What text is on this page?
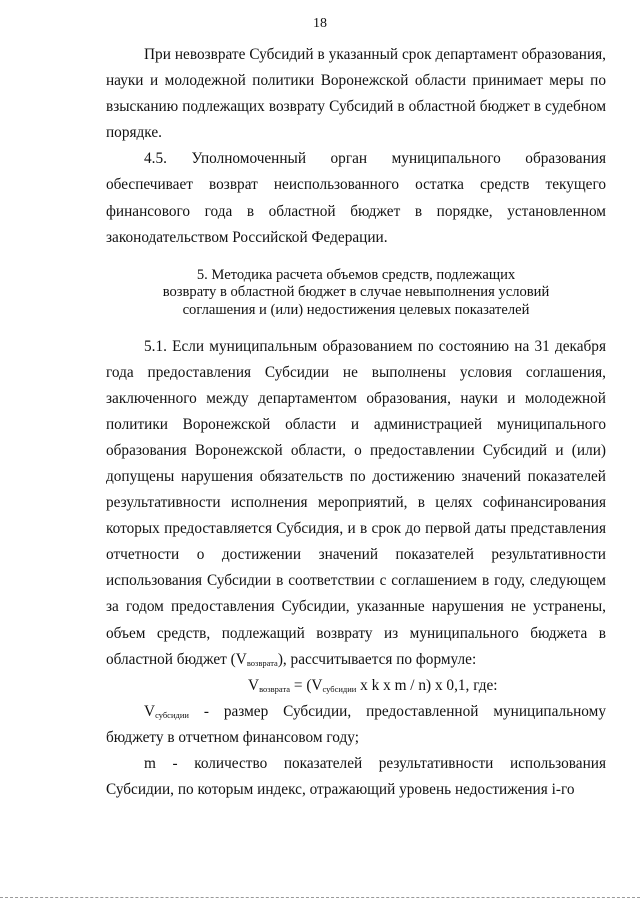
18

При невозврате Субсидий в указанный срок департамент образования, науки и молодежной политики Воронежской области принимает меры по взысканию подлежащих возврату Субсидий в областной бюджет в судебном порядке.

4.5. Уполномоченный орган муниципального образования обеспечивает возврат неиспользованного остатка средств текущего финансового года в областной бюджет в порядке, установленном законодательством Российской Федерации.

5. Методика расчета объемов средств, подлежащих
возврату в областной бюджет в случае невыполнения условий
соглашения и (или) недостижения целевых показателей

5.1. Если муниципальным образованием по состоянию на 31 декабря года предоставления Субсидии не выполнены условия соглашения, заключенного между департаментом образования, науки и молодежной политики Воронежской области и администрацией муниципального образования Воронежской области, о предоставлении Субсидий и (или) допущены нарушения обязательств по достижению значений показателей результативности исполнения мероприятий, в целях софинансирования которых предоставляется Субсидия, и в срок до первой даты представления отчетности о достижении значений показателей результативности использования Субсидии в соответствии с соглашением в году, следующем за годом предоставления Субсидии, указанные нарушения не устранены, объем средств, подлежащий возврату из муниципального бюджета в областной бюджет $(V_{возврата})$, рассчитывается по формуле:

$V_{возврата} = (V_{субсидии}$ x k x m / n) x 0,1, где:

$V_{субсидии}$ - размер Субсидии, предоставленной муниципальному бюджету в отчетном финансовом году;

m - количество показателей результативности использования Субсидии, по которым индекс, отражающий уровень недостижения i-го
